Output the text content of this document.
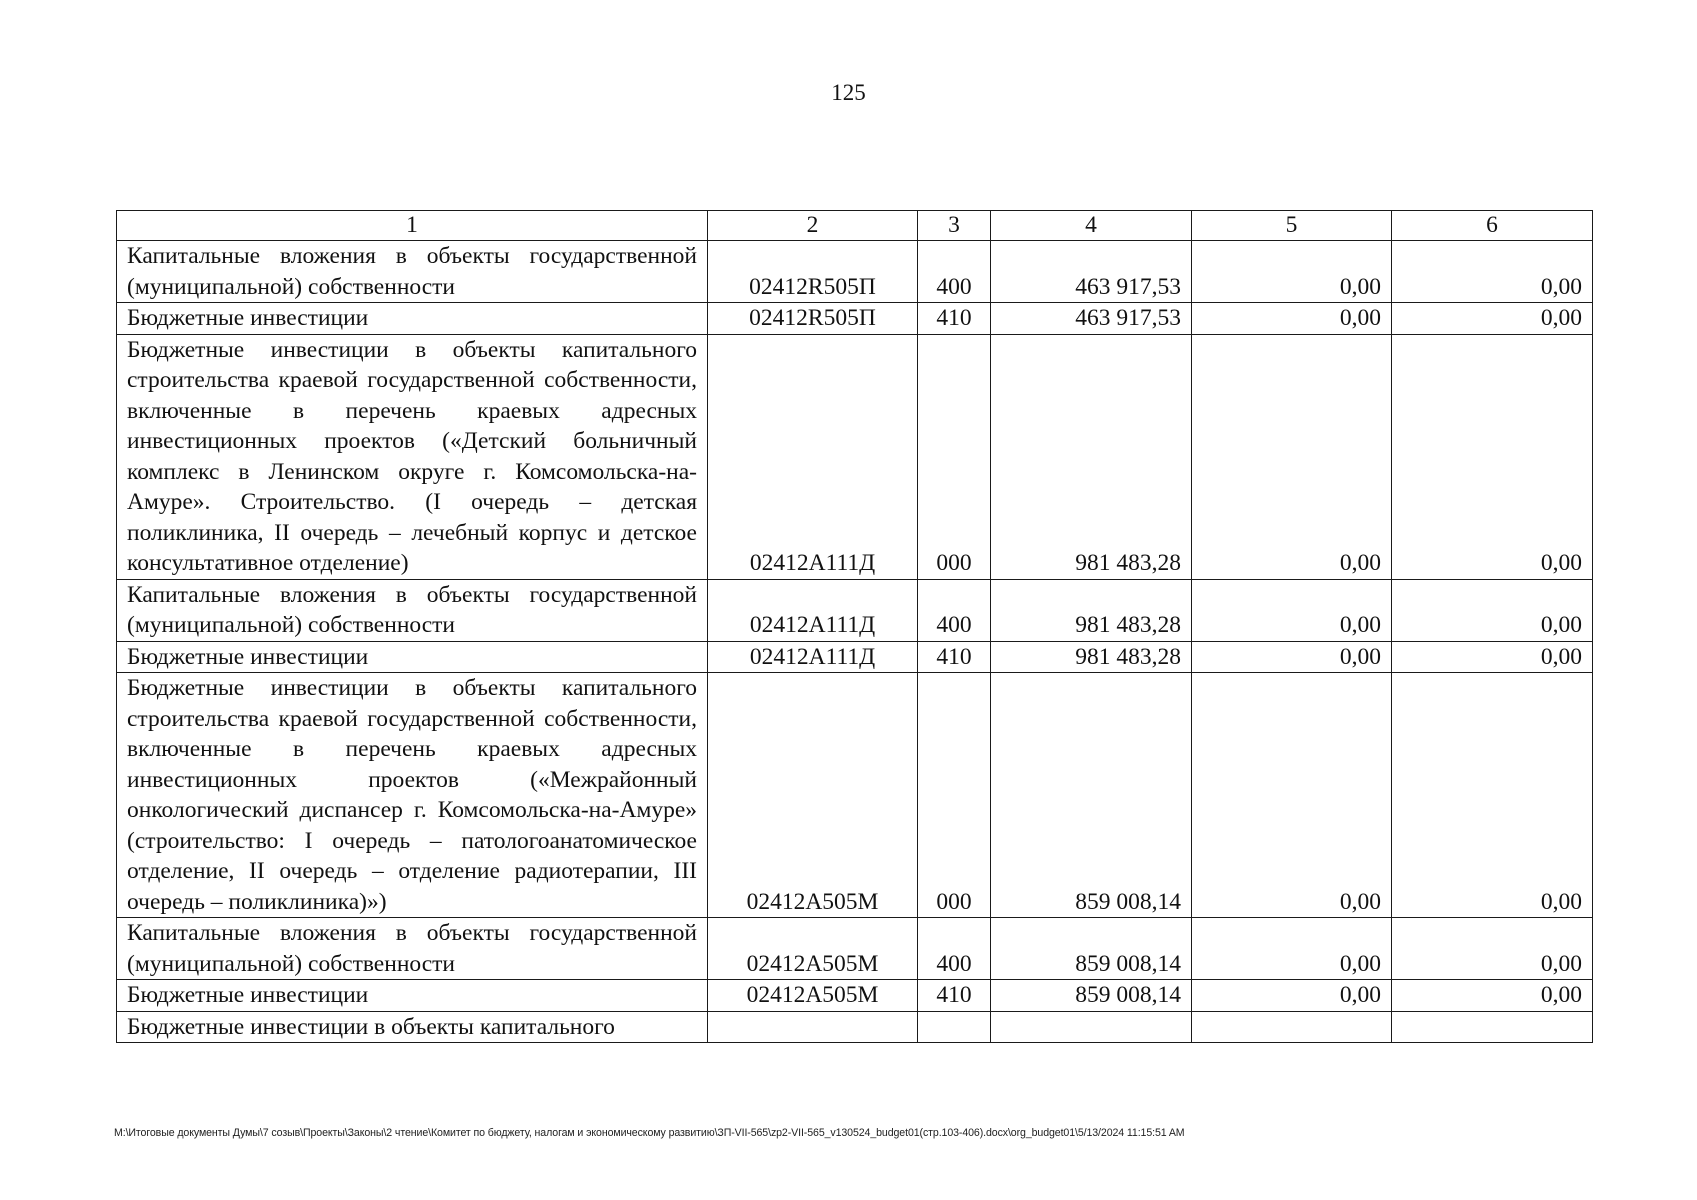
125
1	2	3	4	5	6
Капитальные вложения в объекты государственной (муниципальной) собственности	02412R505П	400	463 917,53	0,00	0,00
Бюджетные инвестиции	02412R505П	410	463 917,53	0,00	0,00
Бюджетные инвестиции в объекты капитального строительства краевой государственной собственности, включенные в перечень краевых адресных инвестиционных проектов («Детский больничный комплекс в Ленинском округе г. Комсомольска-на-Амуре». Строительство. (I очередь – детская поликлиника, II очередь – лечебный корпус и детское консультативное отделение)	02412А111Д	000	981 483,28	0,00	0,00
Капитальные вложения в объекты государственной (муниципальной) собственности	02412А111Д	400	981 483,28	0,00	0,00
Бюджетные инвестиции	02412А111Д	410	981 483,28	0,00	0,00
Бюджетные инвестиции в объекты капитального строительства краевой государственной собственности, включенные в перечень краевых адресных инвестиционных проектов («Межрайонный онкологический диспансер г. Комсомольска-на-Амуре» (строительство: I очередь – патологоанатомическое отделение, II очередь – отделение радиотерапии, III очередь – поликлиника)»)	02412А505М	000	859 008,14	0,00	0,00
Капитальные вложения в объекты государственной (муниципальной) собственности	02412А505М	400	859 008,14	0,00	0,00
Бюджетные инвестиции	02412А505М	410	859 008,14	0,00	0,00
Бюджетные инвестиции в объекты капитального					
M:\Итоговые документы Думы\7 созыв\Проекты\Законы\2 чтение\Комитет по бюджету, налогам и экономическому развитию\ЗП-VII-565\zp2-VII-565_v130524_budget01(стр.103-406).docx\org_budget01\5/13/2024 11:15:51 AM
